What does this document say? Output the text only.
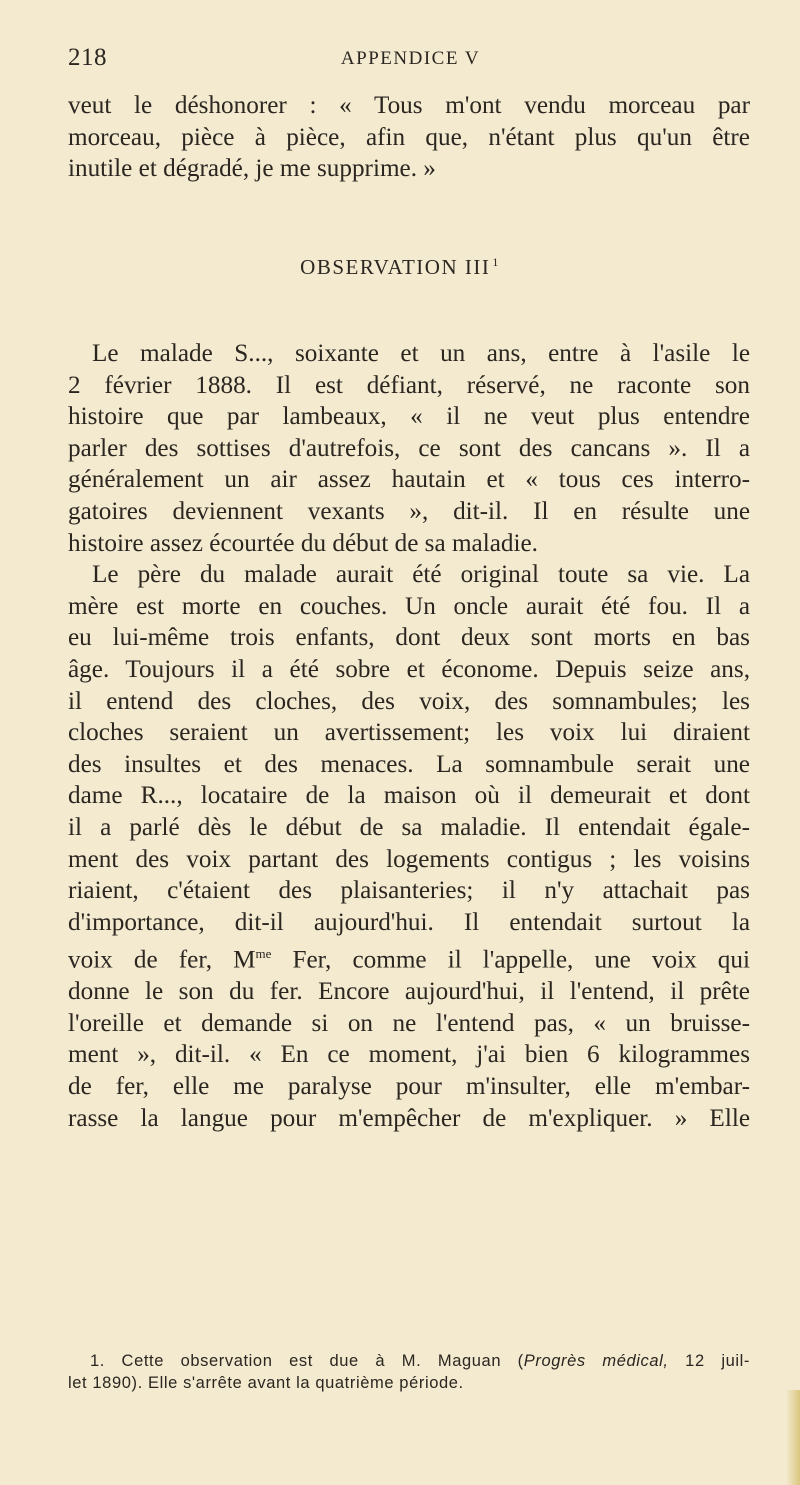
218	APPENDICE V
veut le déshonorer : « Tous m'ont vendu morceau par
morceau, pièce à pièce, afin que, n'étant plus qu'un être
inutile et dégradé, je me supprime. »
OBSERVATION III $^1$
Le malade S..., soixante et un ans, entre à l'asile le
2 février 1888. Il est défiant, réservé, ne raconte son
histoire que par lambeaux, « il ne veut plus entendre
parler des sottises d'autrefois, ce sont des cancans ». Il a
généralement un air assez hautain et « tous ces interro-
gatoires deviennent vexants », dit-il. Il en résulte une
histoire assez écourtée du début de sa maladie.
Le père du malade aurait été original toute sa vie. La
mère est morte en couches. Un oncle aurait été fou. Il a
eu lui-même trois enfants, dont deux sont morts en bas
âge. Toujours il a été sobre et économe. Depuis seize ans,
il entend des cloches, des voix, des somnambules; les
cloches seraient un avertissement; les voix lui diraient
des insultes et des menaces. La somnambule serait une
dame R..., locataire de la maison où il demeurait et dont
il a parlé dès le début de sa maladie. Il entendait égale-
ment des voix partant des logements contigus ; les voisins
riaient, c'étaient des plaisanteries; il n'y attachait pas
d'importance, dit-il aujourd'hui. Il entendait surtout la
voix de fer, $M^{me}$ Fer, comme il l'appelle, une voix qui
donne le son du fer. Encore aujourd'hui, il l'entend, il prête
l'oreille et demande si on ne l'entend pas, « un bruisse-
ment », dit-il. « En ce moment, j'ai bien 6 kilogrammes
de fer, elle me paralyse pour m'insulter, elle m'embar-
rasse la langue pour m'empêcher de m'expliquer. » Elle
1. Cette observation est due à M. Maguan (Progrès médical, 12 juil-
let 1890). Elle s'arrête avant la quatrième période.
